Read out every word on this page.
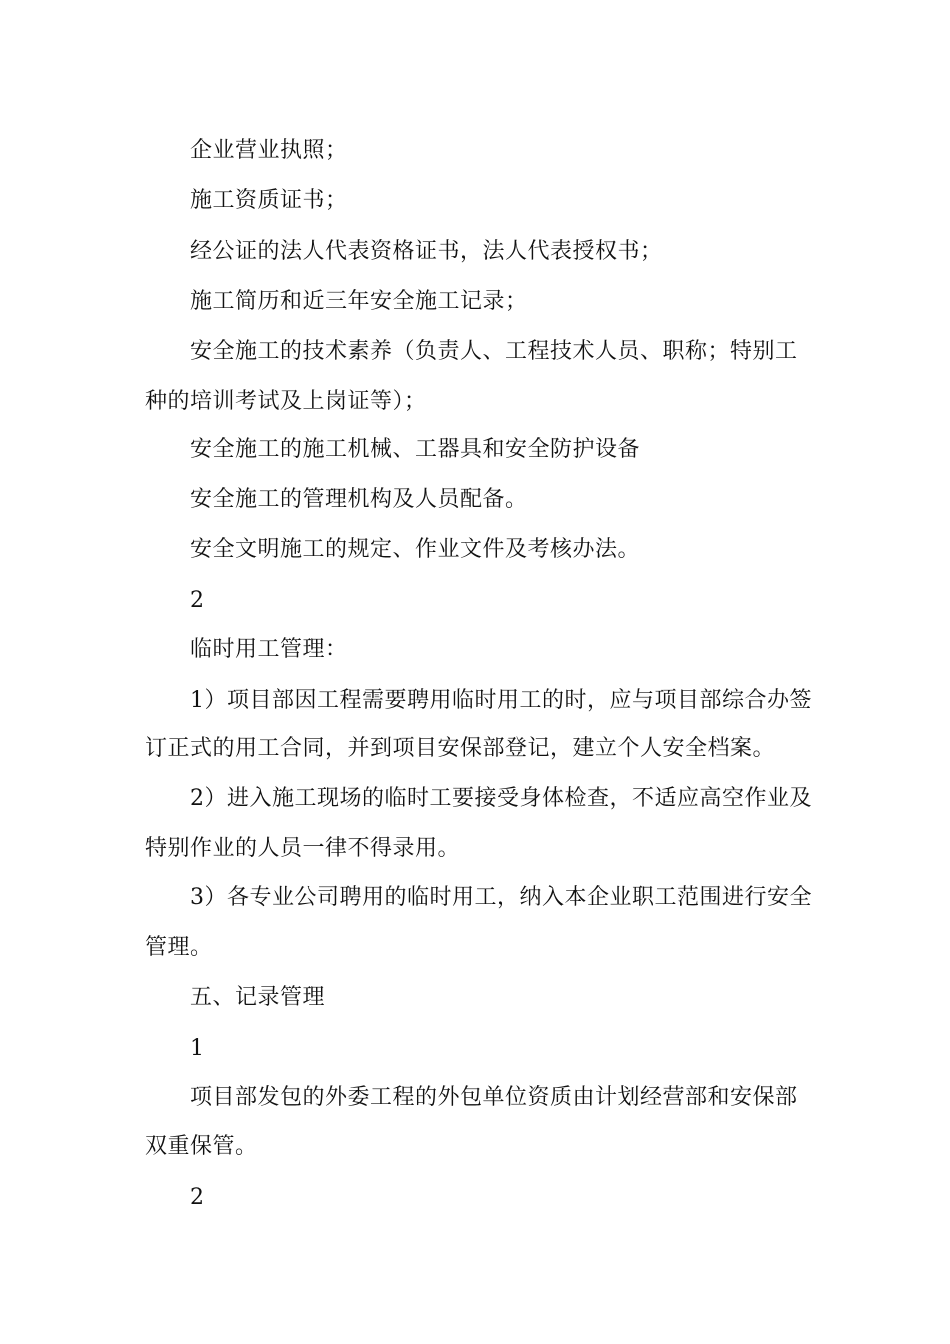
企业营业执照；
施工资质证书；
经公证的法人代表资格证书，法人代表授权书；
施工简历和近三年安全施工记录；
安全施工的技术素养（负责人、工程技术人员、职称；特别工
种的培训考试及上岗证等）；
安全施工的施工机械、工器具和安全防护设备
安全施工的管理机构及人员配备。
安全文明施工的规定、作业文件及考核办法。
2
临时用工管理：
1）项目部因工程需要聘用临时用工的时，应与项目部综合办签
订正式的用工合同，并到项目安保部登记，建立个人安全档案。
2）进入施工现场的临时工要接受身体检查，不适应高空作业及
特别作业的人员一律不得录用。
3）各专业公司聘用的临时用工，纳入本企业职工范围进行安全
管理。
五、记录管理
1
项目部发包的外委工程的外包单位资质由计划经营部和安保部
双重保管。
2
